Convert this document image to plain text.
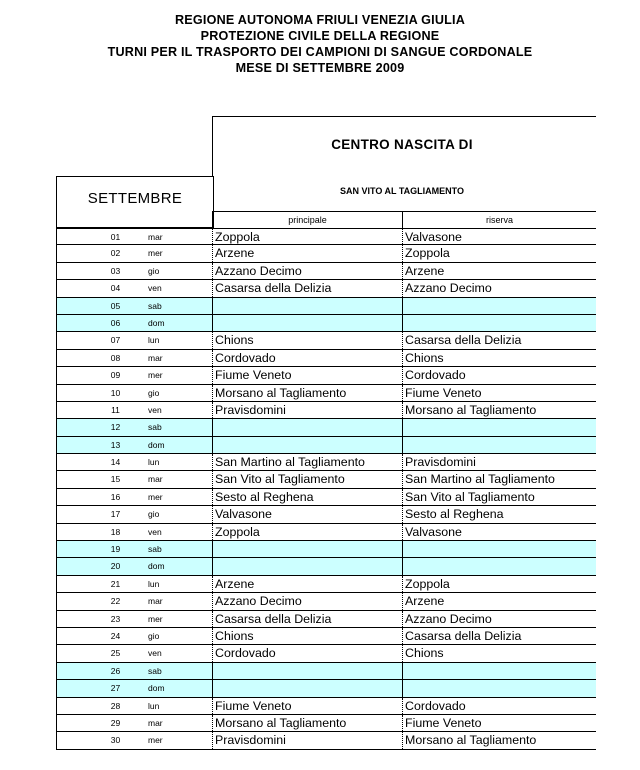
REGIONE AUTONOMA FRIULI VENEZIA GIULIA
PROTEZIONE CIVILE DELLA REGIONE
TURNI PER IL TRASPORTO DEI CAMPIONI DI SANGUE CORDONALE
MESE DI SETTEMBRE 2009
CENTRO NASCITA DI
SAN VITO AL TAGLIAMENTO
SETTEMBRE
principale	riserva
01	mar	Zoppola	Valvasone
02	mer	Arzene	Zoppola
03	gio	Azzano Decimo	Arzene
04	ven	Casarsa della Delizia	Azzano Decimo
05	sab
06	dom
07	lun	Chions	Casarsa della Delizia
08	mar	Cordovado	Chions
09	mer	Fiume Veneto	Cordovado
10	gio	Morsano al Tagliamento	Fiume Veneto
11	ven	Pravisdomini	Morsano al Tagliamento
12	sab
13	dom
14	lun	San Martino al Tagliamento	Pravisdomini
15	mar	San Vito al Tagliamento	San Martino al Tagliamento
16	mer	Sesto al Reghena	San Vito al Tagliamento
17	gio	Valvasone	Sesto al Reghena
18	ven	Zoppola	Valvasone
19	sab
20	dom
21	lun	Arzene	Zoppola
22	mar	Azzano Decimo	Arzene
23	mer	Casarsa della Delizia	Azzano Decimo
24	gio	Chions	Casarsa della Delizia
25	ven	Cordovado	Chions
26	sab
27	dom
28	lun	Fiume Veneto	Cordovado
29	mar	Morsano al Tagliamento	Fiume Veneto
30	mer	Pravisdomini	Morsano al Tagliamento
